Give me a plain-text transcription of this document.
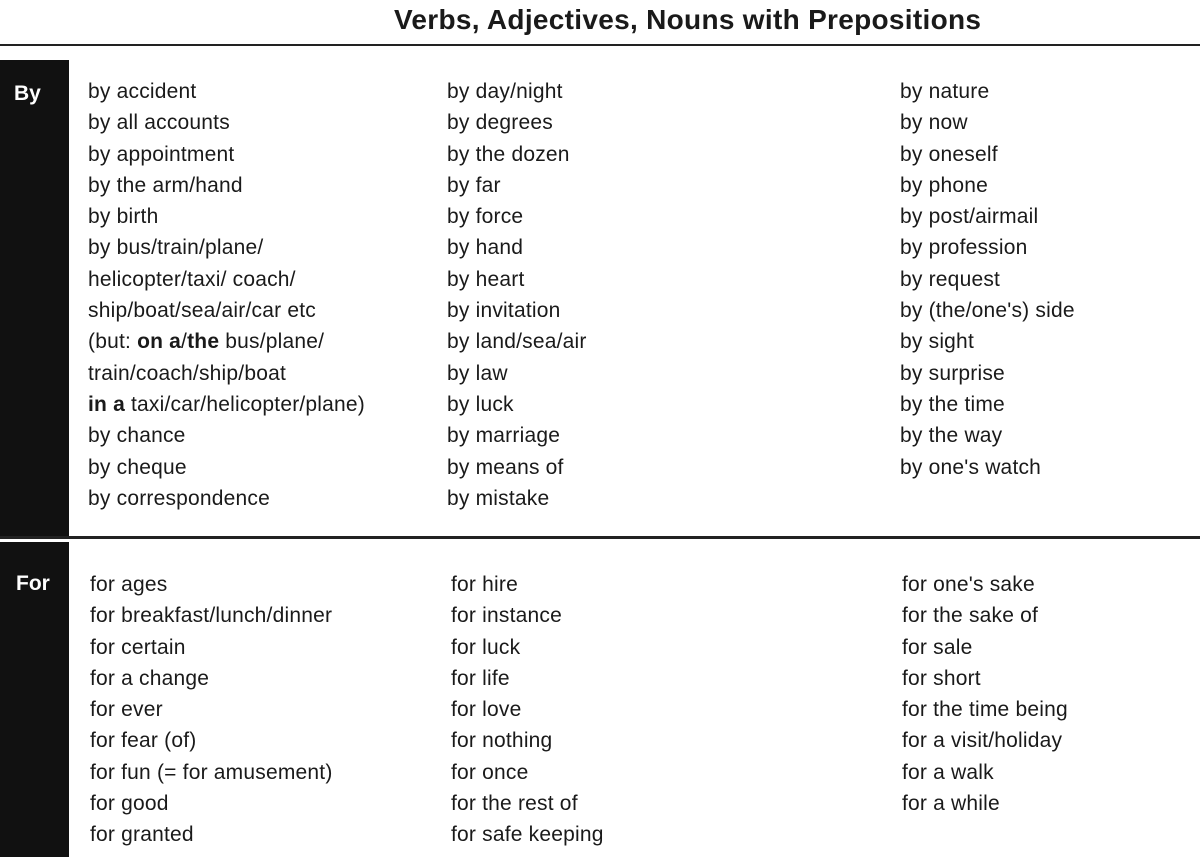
Verbs, Adjectives, Nouns with Prepositions
By by accident
by all accounts
by appointment
by the arm/hand
by birth
by bus/train/plane/
helicopter/taxi/ coach/
ship/boat/sea/air/car etc
(but: on a/the bus/plane/
train/coach/ship/boat
in a taxi/car/helicopter/plane)
by chance
by cheque
by correspondence
by day/night
by degrees
by the dozen
by far
by force
by hand
by heart
by invitation
by land/sea/air
by law
by luck
by marriage
by means of
by mistake
by nature
by now
by oneself
by phone
by post/airmail
by profession
by request
by (the/one's) side
by sight
by surprise
by the time
by the way
by one's watch
For for ages
for breakfast/lunch/dinner
for certain
for a change
for ever
for fear (of)
for fun (= for amusement)
for good
for granted
for hire
for instance
for luck
for life
for love
for nothing
for once
for the rest of
for safe keeping
for one's sake
for the sake of
for sale
for short
for the time being
for a visit/holiday
for a walk
for a while
